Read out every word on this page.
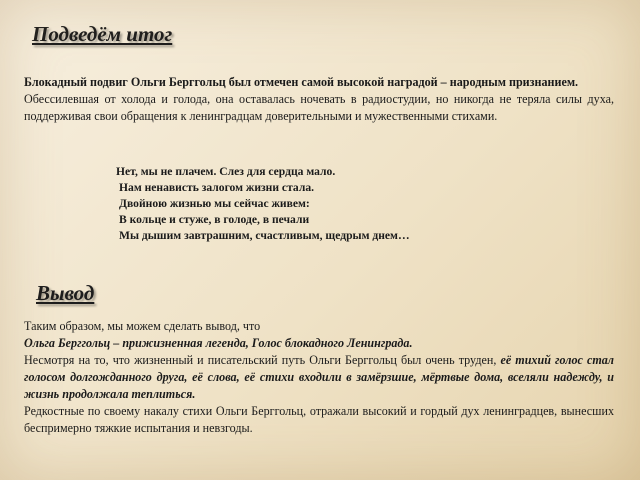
Подведём итог

Блокадный подвиг Ольги Берггольц был отмечен самой высокой наградой – народным признанием.

Обессилевшая от холода и голода, она оставалась ночевать в радиостудии, но никогда не теряла силы духа, поддерживая свои обращения к ленинградцам доверительными и мужественными стихами.

Нет, мы не плачем. Слез для сердца мало.
Нам ненависть залогом жизни стала.
Двойною жизнью мы сейчас живем:
В кольце и стуже, в голоде, в печали
Мы дышим завтрашним, счастливым, щедрым днем…
Вывод

Таким образом, мы можем сделать вывод, что

Ольга Берггольц – прижизненная легенда, Голос блокадного Ленинграда.

Несмотря на то, что жизненный и писательский путь Ольги Берггольц был очень труден, её тихий голос стал голосом долгожданного друга, её слова, её стихи входили в замёрзшие, мёртвые дома, вселяли надежду, и жизнь продолжала теплиться.

Редкостные по своему накалу стихи Ольги Берггольц, отражали высокий и гордый дух ленинградцев, вынесших беспримерно тяжкие испытания и невзгоды.
